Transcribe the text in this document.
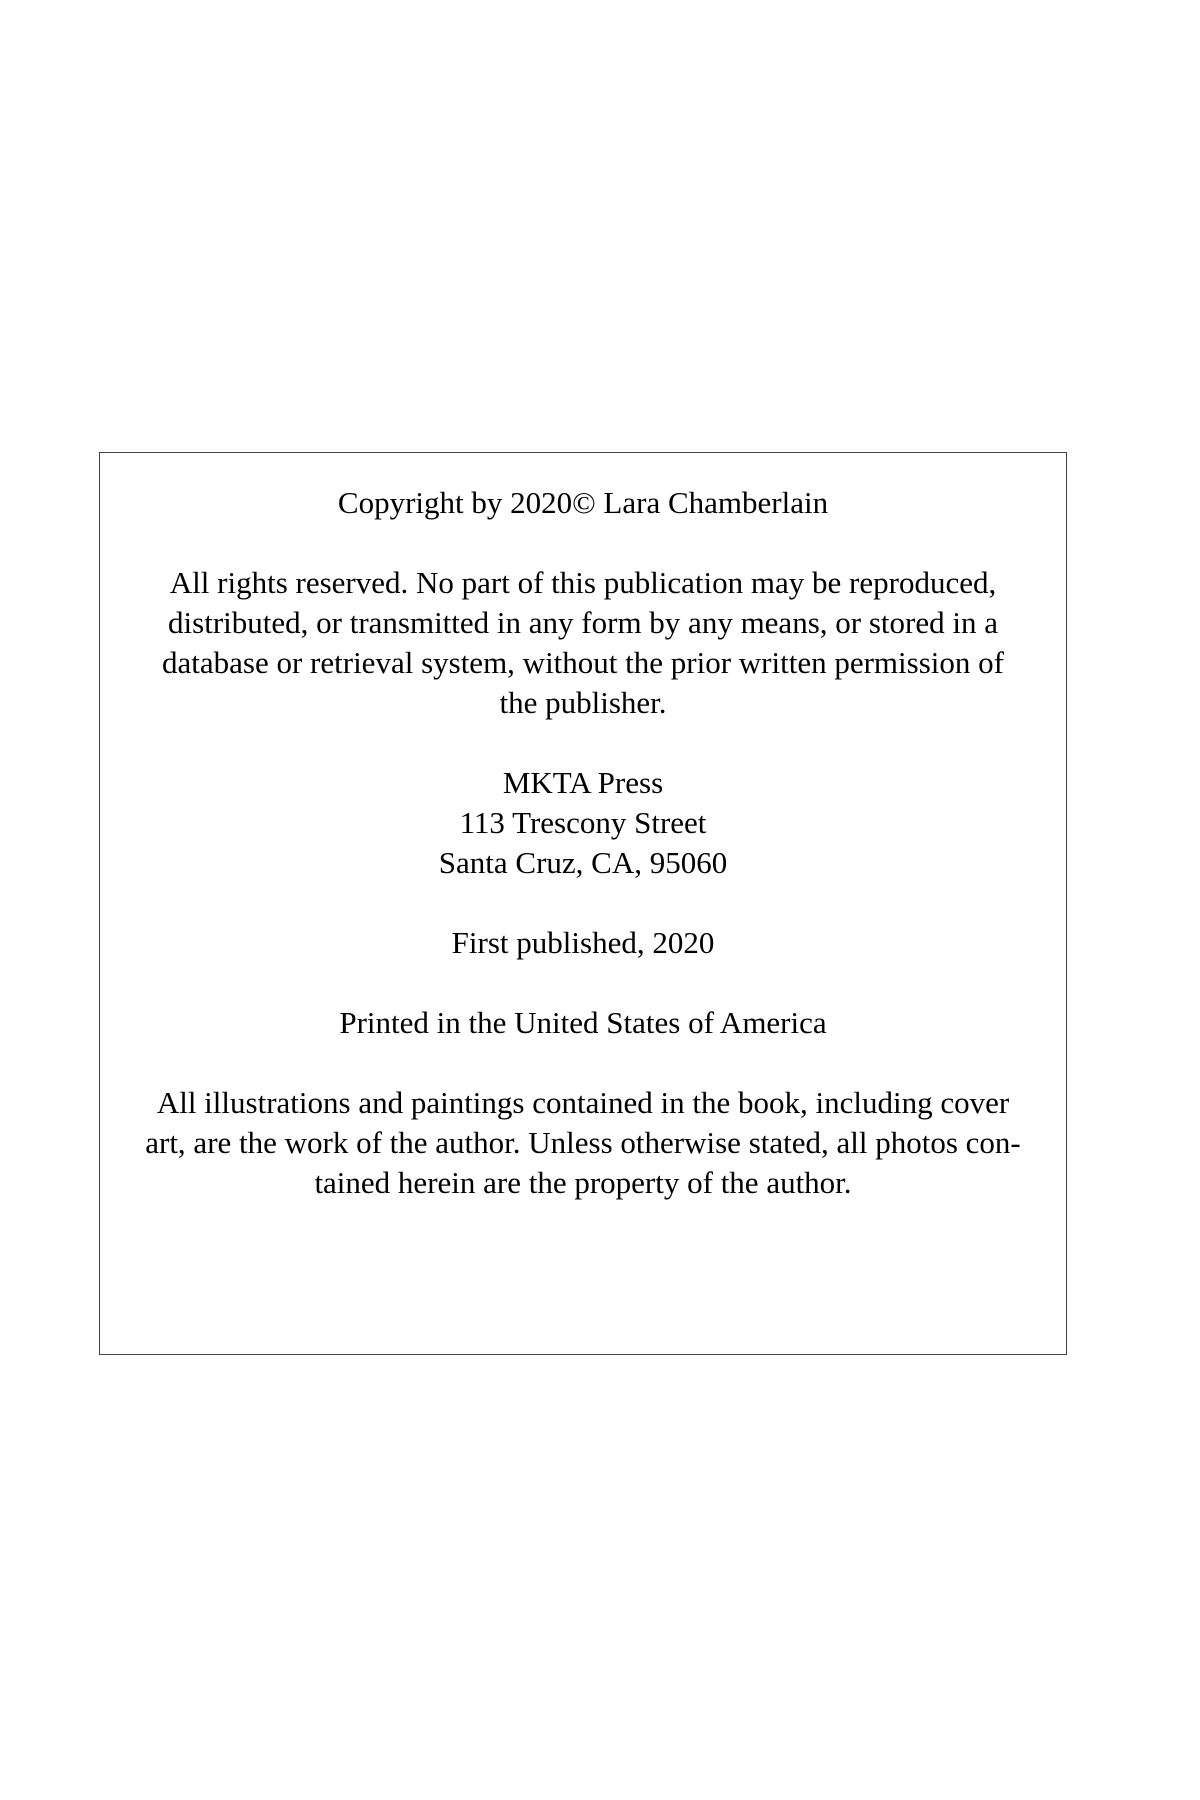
Copyright by 2020© Lara Chamberlain

All rights reserved. No part of this publication may be reproduced,
distributed, or transmitted in any form by any means, or stored in a
database or retrieval system, without the prior written permission of
the publisher.
MKTA Press
113 Trescony Street
Santa Cruz, CA, 95060

First published, 2020

Printed in the United States of America

All illustrations and paintings contained in the book, including cover
art, are the work of the author. Unless otherwise stated, all photos con-
tained herein are the property of the author.
